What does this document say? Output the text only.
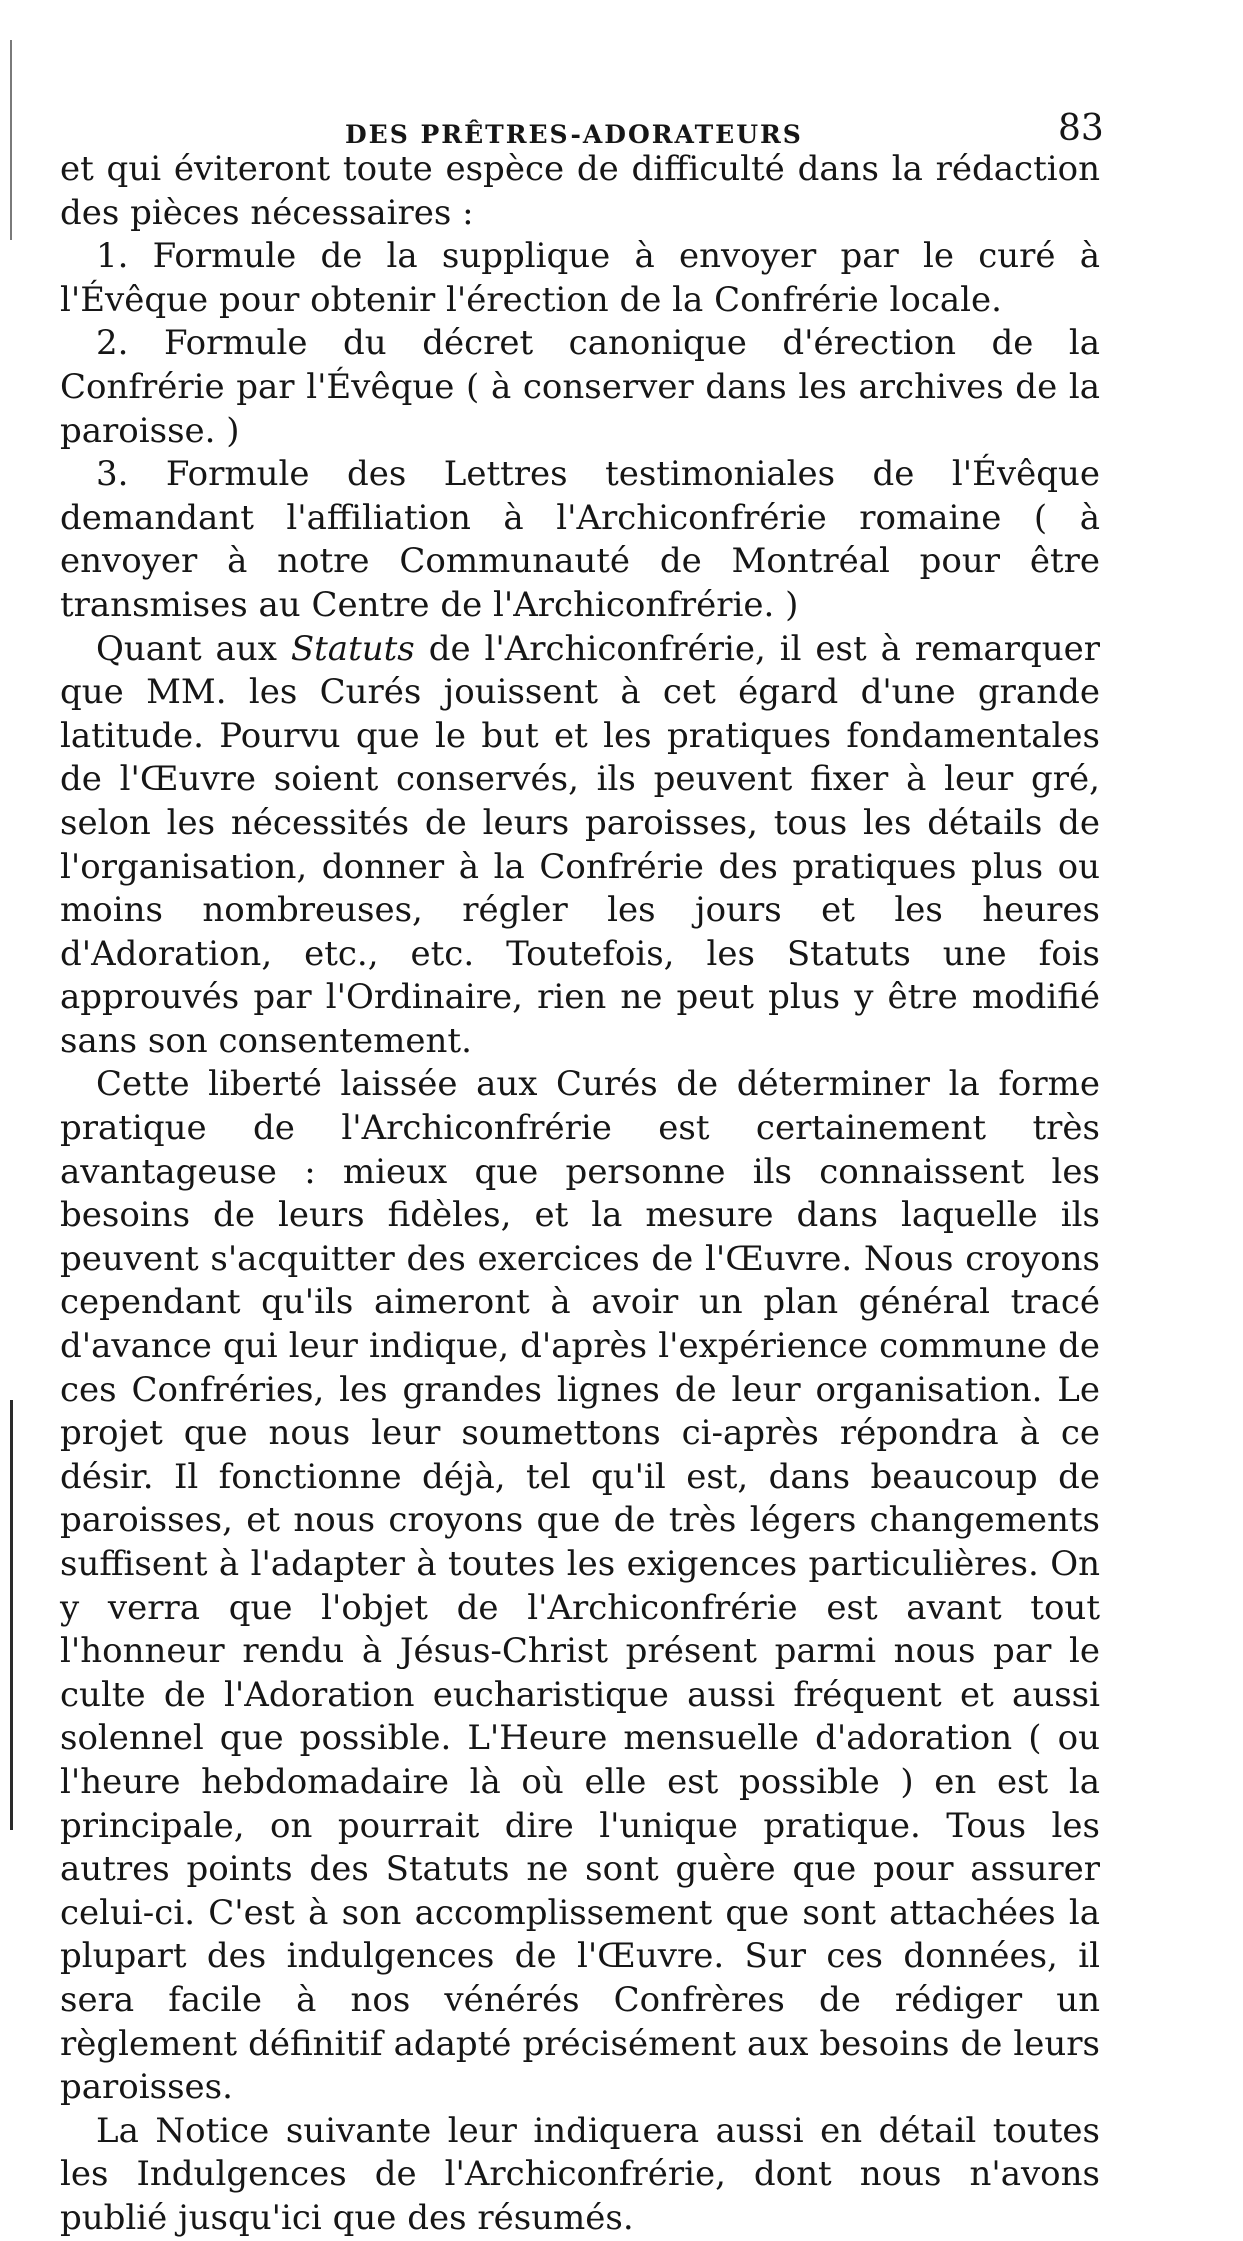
DES PRÊTRES-ADORATEURS	83

et qui éviteront toute espèce de difficulté dans la rédaction des pièces nécessaires :

1. Formule de la supplique à envoyer par le curé à l'Évêque pour obtenir l'érection de la Confrérie locale.

2. Formule du décret canonique d'érection de la Confrérie par l'Évêque ( à conserver dans les archives de la paroisse. )

3. Formule des Lettres testimoniales de l'Évêque demandant l'affiliation à l'Archiconfrérie romaine ( à envoyer à notre Communauté de Montréal pour être transmises au Centre de l'Archiconfrérie. )

Quant aux Statuts de l'Archiconfrérie, il est à remarquer que MM. les Curés jouissent à cet égard d'une grande latitude. Pourvu que le but et les pratiques fondamentales de l'Œuvre soient conservés, ils peuvent fixer à leur gré, selon les nécessités de leurs paroisses, tous les détails de l'organisation, donner à la Confrérie des pratiques plus ou moins nombreuses, régler les jours et les heures d'Adoration, etc., etc. Toutefois, les Statuts une fois approuvés par l'Ordinaire, rien ne peut plus y être modifié sans son consentement.

Cette liberté laissée aux Curés de déterminer la forme pratique de l'Archiconfrérie est certainement très avantageuse : mieux que personne ils connaissent les besoins de leurs fidèles, et la mesure dans laquelle ils peuvent s'acquitter des exercices de l'Œuvre. Nous croyons cependant qu'ils aimeront à avoir un plan général tracé d'avance qui leur indique, d'après l'expérience commune de ces Confréries, les grandes lignes de leur organisation. Le projet que nous leur soumettons ci-après répondra à ce désir. Il fonctionne déjà, tel qu'il est, dans beaucoup de paroisses, et nous croyons que de très légers changements suffisent à l'adapter à toutes les exigences particulières. On y verra que l'objet de l'Archiconfrérie est avant tout l'honneur rendu à Jésus-Christ présent parmi nous par le culte de l'Adoration eucharistique aussi fréquent et aussi solennel que possible. L'Heure mensuelle d'adoration ( ou l'heure hebdomadaire là où elle est possible ) en est la principale, on pourrait dire l'unique pratique. Tous les autres points des Statuts ne sont guère que pour assurer celui-ci. C'est à son accomplissement que sont attachées la plupart des indulgences de l'Œuvre. Sur ces données, il sera facile à nos vénérés Confrères de rédiger un règlement définitif adapté précisément aux besoins de leurs paroisses.

La Notice suivante leur indiquera aussi en détail toutes les Indulgences de l'Archiconfrérie, dont nous n'avons publié jusqu'ici que des résumés.
